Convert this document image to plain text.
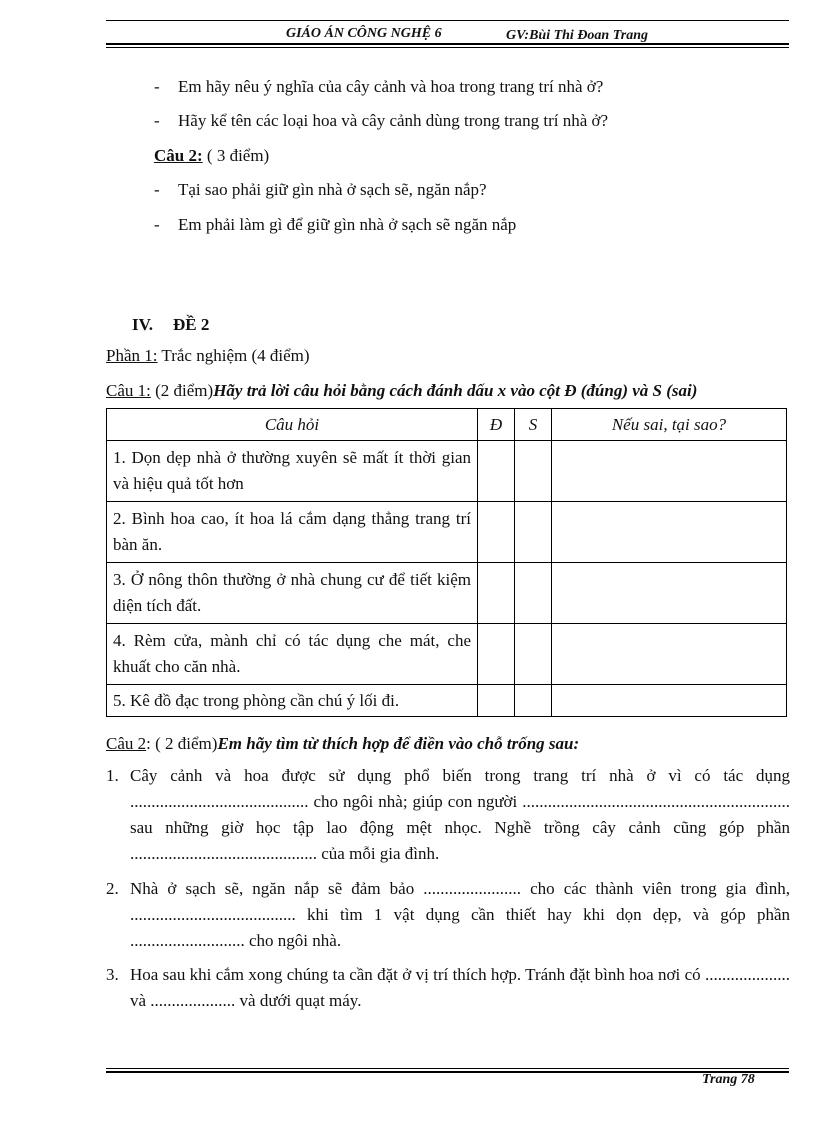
GIÁO ÁN CÔNG NGHỆ 6	GV:Bùi Thi Đoan Trang
- Em hãy nêu ý nghĩa của cây cảnh và hoa trong trang trí nhà ở?
- Hãy kể tên các loại hoa và cây cảnh dùng trong trang trí nhà ở?
Câu 2: ( 3 điểm)
- Tại sao phải giữ gìn nhà ở sạch sẽ, ngăn nắp?
- Em phải làm gì để giữ gìn nhà ở sạch sẽ ngăn nắp
IV. ĐỀ 2
Phần 1: Trắc nghiệm (4 điểm)
Câu 1: (2 điểm)Hãy trả lời câu hỏi bằng cách đánh dấu x vào cột Đ (đúng) và S (sai)
Câu hỏi	Đ	S	Nếu sai, tại sao?
1. Dọn dẹp nhà ở thường xuyên sẽ mất ít thời gian và hiệu quả tốt hơn			
2. Bình hoa cao, ít hoa lá cắm dạng thẳng trang trí bàn ăn.			
3. Ở nông thôn thường ở nhà chung cư để tiết kiệm diện tích đất.			
4. Rèm cửa, mành chỉ có tác dụng che mát, che khuất cho căn nhà.			
5. Kê đồ đạc trong phòng cần chú ý lối đi.			
Câu 2: ( 2 điểm)Em hãy tìm từ thích hợp để điền vào chỗ trống sau:
1. Cây cảnh và hoa được sử dụng phổ biến trong trang trí nhà ở vì có tác dụng .......................................... cho ngôi nhà; giúp con người ............................................................... sau những giờ học tập lao động mệt nhọc. Nghề trồng cây cảnh cũng góp phần ............................................ của mỗi gia đình.
2. Nhà ở sạch sẽ, ngăn nắp sẽ đảm bảo ....................... cho các thành viên trong gia đình, ....................................... khi tìm 1 vật dụng cần thiết hay khi dọn dẹp, và góp phần ........................... cho ngôi nhà.
3. Hoa sau khi cắm xong chúng ta cần đặt ở vị trí thích hợp. Tránh đặt bình hoa nơi có .................... và .................... và dưới quạt máy.
Trang 78
